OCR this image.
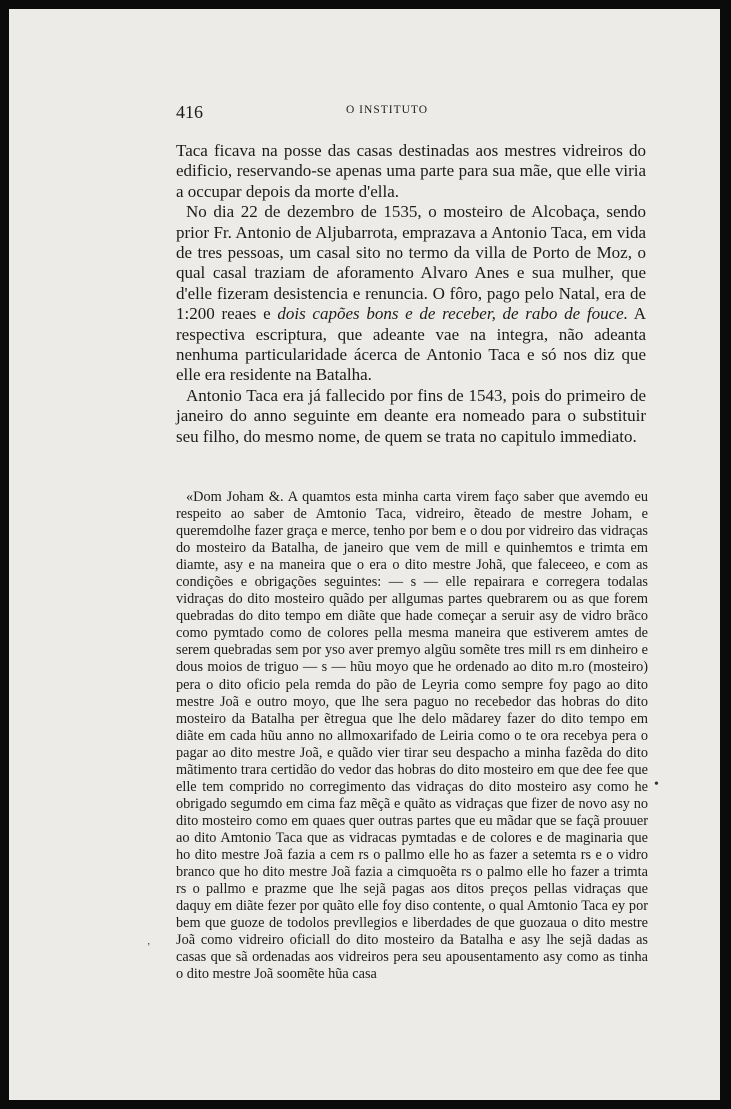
416	O INSTITUTO

Taca ficava na posse das casas destinadas aos mestres vidreiros do edificio, reservando-se apenas uma parte para sua mãe, que elle viria a occupar depois da morte d'ella.

No dia 22 de dezembro de 1535, o mosteiro de Alcobaça, sendo prior Fr. Antonio de Aljubarrota, emprazava a Antonio Taca, em vida de tres pessoas, um casal sito no termo da villa de Porto de Moz, o qual casal traziam de aforamento Alvaro Anes e sua mulher, que d'elle fizeram desistencia e renuncia. O fôro, pago pelo Natal, era de 1:200 reaes e dois capões bons e de receber, de rabo de fouce. A respectiva escriptura, que adeante vae na integra, não adeanta nenhuma particularidade ácerca de Antonio Taca e só nos diz que elle era residente na Batalha.

Antonio Taca era já fallecido por fins de 1543, pois do primeiro de janeiro do anno seguinte em deante era nomeado para o substituir seu filho, do mesmo nome, de quem se trata no capitulo immediato.

«Dom Joham &. A quamtos esta minha carta virem faço saber que avemdo eu respeito ao saber de Amtonio Taca, vidreiro, ẽteado de mestre Joham, e queremdolhe fazer graça e merce, tenho por bem e o dou por vidreiro das vidraças do mosteiro da Batalha, de janeiro que vem de mill e quinhemtos e trimta em diamte, asy e na maneira que o era o dito mestre Johã, que faleceeo, e com as condições e obrigações seguintes: — s — elle repairara e corregera todalas vidraças do dito mosteiro quãdo per allgumas partes quebrarem ou as que forem quebradas do dito tempo em diãte que hade começar a seruir asy de vidro brãco como pymtado como de colores pella mesma maneira que estiverem amtes de serem quebradas sem por yso aver premyo algũu somẽte tres mill rs em dinheiro e dous moios de triguo — s — hũu moyo que he ordenado ao dito m.ro (mosteiro) pera o dito oficio pela remda do pão de Leyria como sempre foy pago ao dito mestre Joã e outro moyo, que lhe sera paguo no recebedor das hobras do dito mosteiro da Batalha per ẽtregua que lhe delo mãdarey fazer do dito tempo em diãte em cada hũu anno no allmoxarifado de Leiria como o te ora recebya pera o pagar ao dito mestre Joã, e quãdo vier tirar seu despacho a minha fazẽda do dito mãtimento trara certidão do vedor das hobras do dito mosteiro em que dee fee que elle tem comprido no corregimento das vidraças do dito mosteiro asy como he obrigado segumdo em cima faz mẽçã e quãto as vidraças que fizer de novo asy no dito mosteiro como em quaes quer outras partes que eu mãdar que se façã prouuer ao dito Amtonio Taca que as vidracas pymtadas e de colores e de maginaria que ho dito mestre Joã fazia a cem rs o pallmo elle ho as fazer a setemta rs e o vidro branco que ho dito mestre Joã fazia a cimquoẽta rs o palmo elle ho fazer a trimta rs o pallmo e prazme que lhe sejã pagas aos ditos preços pellas vidraças que daquy em diãte fezer por quãto elle foy diso contente, o qual Amtonio Taca ey por bem que guoze de todolos prevllegios e liberdades de que guozaua o dito mestre Joã como vidreiro oficiall do dito mosteiro da Batalha e asy lhe sejã dadas as casas que sã ordenadas aos vidreiros pera seu apousentamento asy como as tinha o dito mestre Joã soomẽte hũa casa

•
‚
